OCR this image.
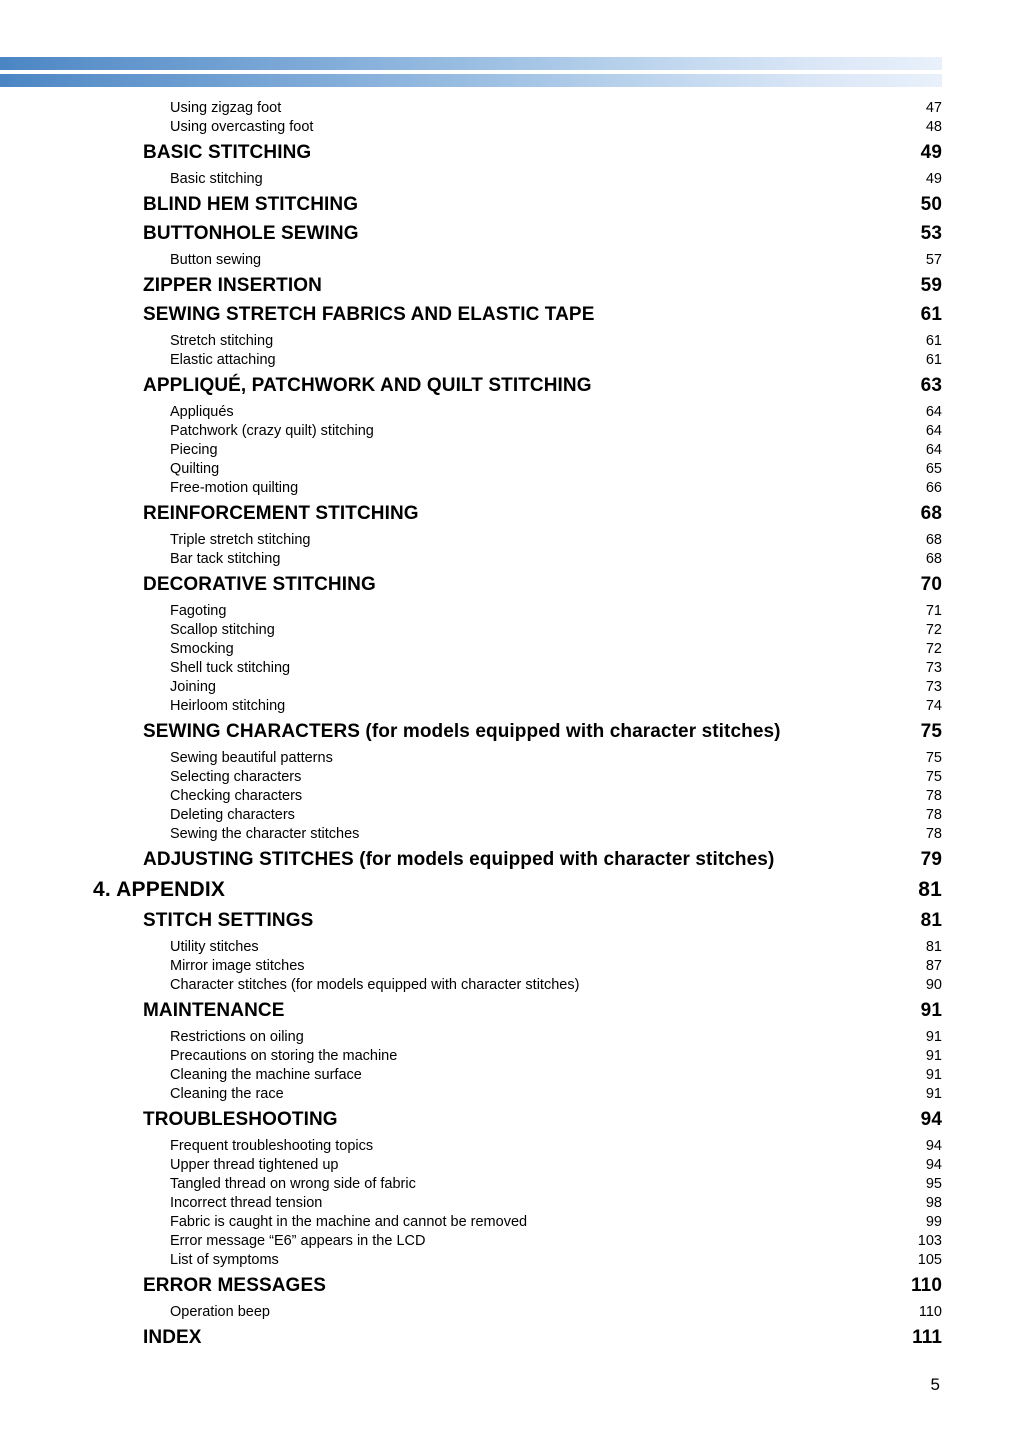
Using zigzag foot	47
Using overcasting foot	48
BASIC STITCHING	49
Basic stitching	49
BLIND HEM STITCHING	50
BUTTONHOLE SEWING	53
Button sewing	57
ZIPPER INSERTION	59
SEWING STRETCH FABRICS AND ELASTIC TAPE	61
Stretch stitching	61
Elastic attaching	61
APPLIQUÉ, PATCHWORK AND QUILT STITCHING	63
Appliqués	64
Patchwork (crazy quilt) stitching	64
Piecing	64
Quilting	65
Free-motion quilting	66
REINFORCEMENT STITCHING	68
Triple stretch stitching	68
Bar tack stitching	68
DECORATIVE STITCHING	70
Fagoting	71
Scallop stitching	72
Smocking	72
Shell tuck stitching	73
Joining	73
Heirloom stitching	74
SEWING CHARACTERS (for models equipped with character stitches)	75
Sewing beautiful patterns	75
Selecting characters	75
Checking characters	78
Deleting characters	78
Sewing the character stitches	78
ADJUSTING STITCHES (for models equipped with character stitches)	79
4. APPENDIX	81
STITCH SETTINGS	81
Utility stitches	81
Mirror image stitches	87
Character stitches (for models equipped with character stitches)	90
MAINTENANCE	91
Restrictions on oiling	91
Precautions on storing the machine	91
Cleaning the machine surface	91
Cleaning the race	91
TROUBLESHOOTING	94
Frequent troubleshooting topics	94
Upper thread tightened up	94
Tangled thread on wrong side of fabric	95
Incorrect thread tension	98
Fabric is caught in the machine and cannot be removed	99
Error message “E6” appears in the LCD	103
List of symptoms	105
ERROR MESSAGES	110
Operation beep	110
INDEX	111
5
